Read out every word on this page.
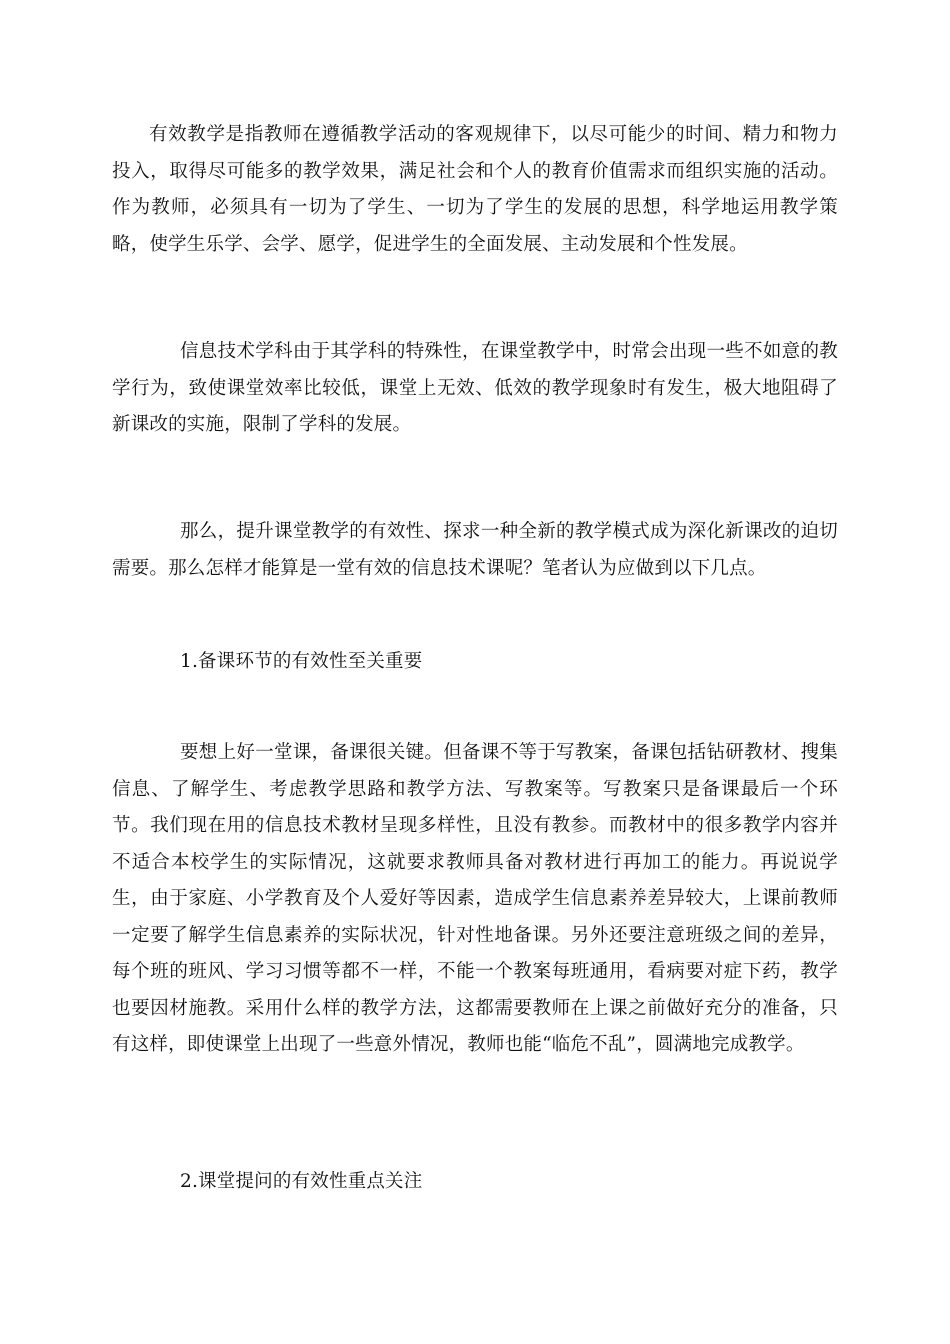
有效教学是指教师在遵循教学活动的客观规律下，以尽可能少的时间、精力和物力投入，取得尽可能多的教学效果，满足社会和个人的教育价值需求而组织实施的活动。作为教师，必须具有一切为了学生、一切为了学生的发展的思想，科学地运用教学策略，使学生乐学、会学、愿学，促进学生的全面发展、主动发展和个性发展。

信息技术学科由于其学科的特殊性，在课堂教学中，时常会出现一些不如意的教学行为，致使课堂效率比较低，课堂上无效、低效的教学现象时有发生，极大地阻碍了新课改的实施，限制了学科的发展。

那么，提升课堂教学的有效性、探求一种全新的教学模式成为深化新课改的迫切需要。那么怎样才能算是一堂有效的信息技术课呢？笔者认为应做到以下几点。

1.备课环节的有效性至关重要

要想上好一堂课，备课很关键。但备课不等于写教案，备课包括钻研教材、搜集信息、了解学生、考虑教学思路和教学方法、写教案等。写教案只是备课最后一个环节。我们现在用的信息技术教材呈现多样性，且没有教参。而教材中的很多教学内容并不适合本校学生的实际情况，这就要求教师具备对教材进行再加工的能力。再说说学生，由于家庭、小学教育及个人爱好等因素，造成学生信息素养差异较大，上课前教师一定要了解学生信息素养的实际状况，针对性地备课。另外还要注意班级之间的差异，每个班的班风、学习习惯等都不一样，不能一个教案每班通用，看病要对症下药，教学也要因材施教。采用什么样的教学方法，这都需要教师在上课之前做好充分的准备，只有这样，即使课堂上出现了一些意外情况，教师也能“临危不乱”，圆满地完成教学。

2.课堂提问的有效性重点关注
